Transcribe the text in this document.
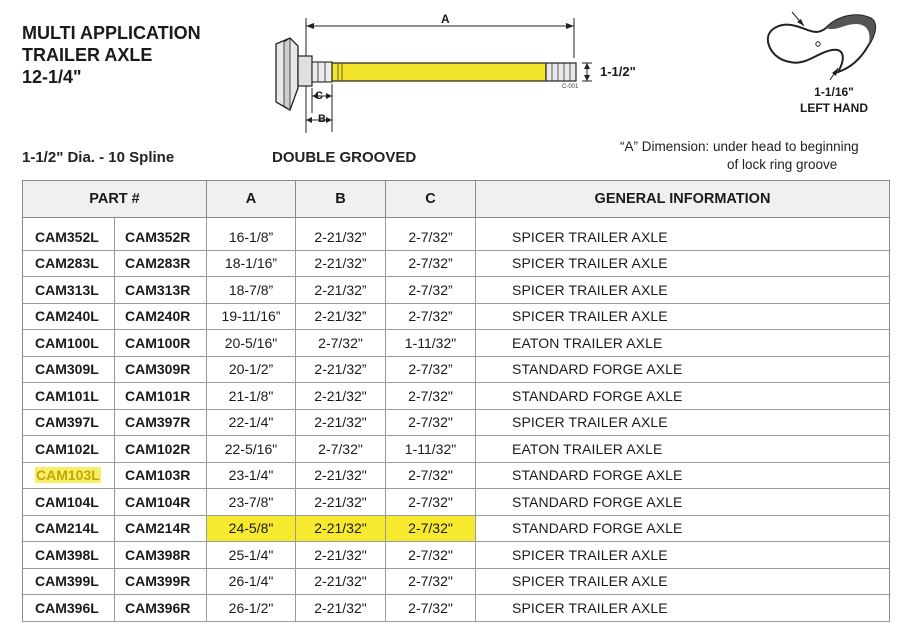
MULTI APPLICATION
TRAILER AXLE
12-1/4"
A
C
B
1-1/2"
C-001	1-1/16"
LEFT HAND
1-1/2" Dia. - 10 Spline	DOUBLE GROOVED
“A” Dimension: under head to beginning
of lock ring groove
PART #		A	B	C	GENERAL INFORMATION
CAM352L	CAM352R	16-1/8”	2-21/32”	2-7/32”	SPICER TRAILER AXLE
CAM283L	CAM283R	18-1/16”	2-21/32”	2-7/32”	SPICER TRAILER AXLE
CAM313L	CAM313R	18-7/8”	2-21/32”	2-7/32”	SPICER TRAILER AXLE
CAM240L	CAM240R	19-11/16”	2-21/32”	2-7/32”	SPICER TRAILER AXLE
CAM100L	CAM100R	20-5/16"	2-7/32"	1-11/32"	EATON TRAILER AXLE
CAM309L	CAM309R	20-1/2”	2-21/32”	2-7/32”	STANDARD FORGE AXLE
CAM101L	CAM101R	21-1/8"	2-21/32"	2-7/32"	STANDARD FORGE AXLE
CAM397L	CAM397R	22-1/4"	2-21/32"	2-7/32"	SPICER TRAILER AXLE
CAM102L	CAM102R	22-5/16"	2-7/32"	1-11/32"	EATON TRAILER AXLE
CAM103L	CAM103R	23-1/4"	2-21/32"	2-7/32"	STANDARD FORGE AXLE
CAM104L	CAM104R	23-7/8"	2-21/32"	2-7/32"	STANDARD FORGE AXLE
CAM214L	CAM214R	24-5/8"	2-21/32"	2-7/32"	STANDARD FORGE AXLE
CAM398L	CAM398R	25-1/4"	2-21/32"	2-7/32"	SPICER TRAILER AXLE
CAM399L	CAM399R	26-1/4"	2-21/32"	2-7/32"	SPICER TRAILER AXLE
CAM396L	CAM396R	26-1/2"	2-21/32"	2-7/32"	SPICER TRAILER AXLE
